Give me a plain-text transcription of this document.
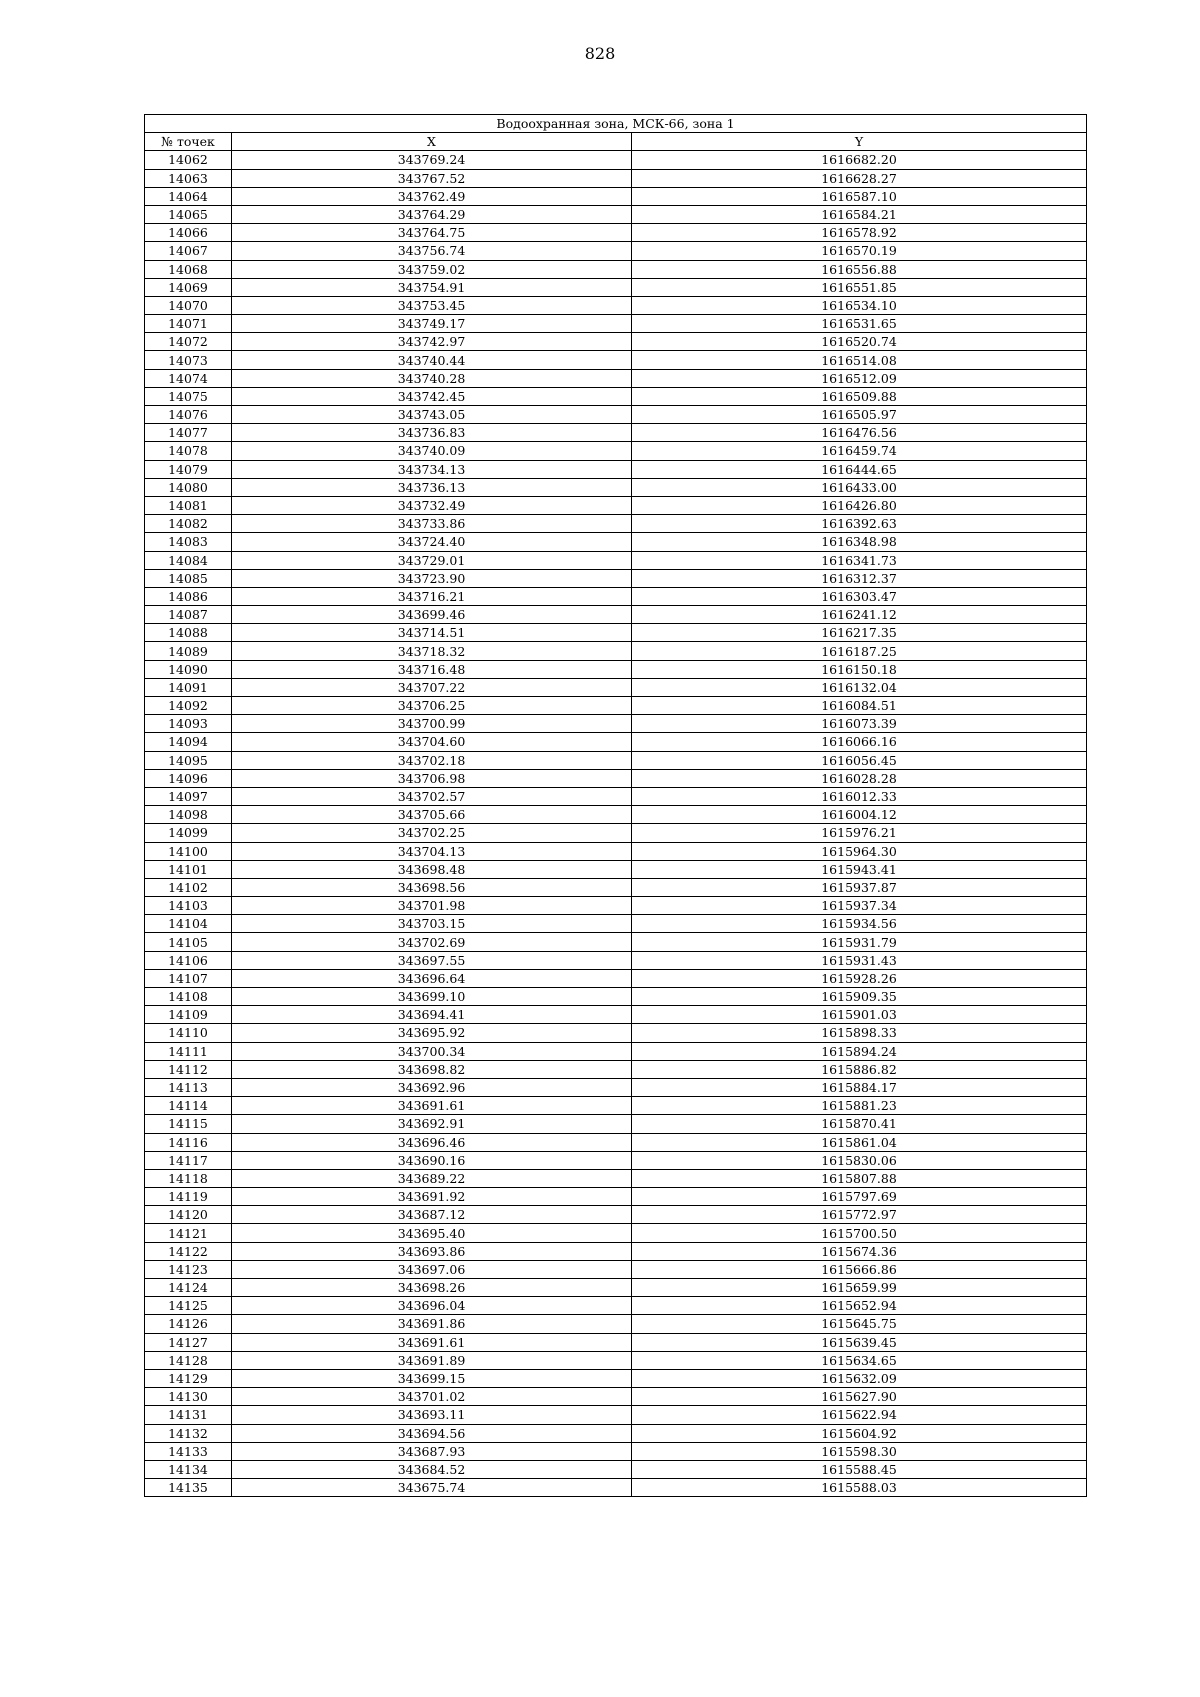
828
Водоохранная зона, МСК-66, зона 1		
№ точек	X	Y
14062	343769.24	1616682.20
14063	343767.52	1616628.27
14064	343762.49	1616587.10
14065	343764.29	1616584.21
14066	343764.75	1616578.92
14067	343756.74	1616570.19
14068	343759.02	1616556.88
14069	343754.91	1616551.85
14070	343753.45	1616534.10
14071	343749.17	1616531.65
14072	343742.97	1616520.74
14073	343740.44	1616514.08
14074	343740.28	1616512.09
14075	343742.45	1616509.88
14076	343743.05	1616505.97
14077	343736.83	1616476.56
14078	343740.09	1616459.74
14079	343734.13	1616444.65
14080	343736.13	1616433.00
14081	343732.49	1616426.80
14082	343733.86	1616392.63
14083	343724.40	1616348.98
14084	343729.01	1616341.73
14085	343723.90	1616312.37
14086	343716.21	1616303.47
14087	343699.46	1616241.12
14088	343714.51	1616217.35
14089	343718.32	1616187.25
14090	343716.48	1616150.18
14091	343707.22	1616132.04
14092	343706.25	1616084.51
14093	343700.99	1616073.39
14094	343704.60	1616066.16
14095	343702.18	1616056.45
14096	343706.98	1616028.28
14097	343702.57	1616012.33
14098	343705.66	1616004.12
14099	343702.25	1615976.21
14100	343704.13	1615964.30
14101	343698.48	1615943.41
14102	343698.56	1615937.87
14103	343701.98	1615937.34
14104	343703.15	1615934.56
14105	343702.69	1615931.79
14106	343697.55	1615931.43
14107	343696.64	1615928.26
14108	343699.10	1615909.35
14109	343694.41	1615901.03
14110	343695.92	1615898.33
14111	343700.34	1615894.24
14112	343698.82	1615886.82
14113	343692.96	1615884.17
14114	343691.61	1615881.23
14115	343692.91	1615870.41
14116	343696.46	1615861.04
14117	343690.16	1615830.06
14118	343689.22	1615807.88
14119	343691.92	1615797.69
14120	343687.12	1615772.97
14121	343695.40	1615700.50
14122	343693.86	1615674.36
14123	343697.06	1615666.86
14124	343698.26	1615659.99
14125	343696.04	1615652.94
14126	343691.86	1615645.75
14127	343691.61	1615639.45
14128	343691.89	1615634.65
14129	343699.15	1615632.09
14130	343701.02	1615627.90
14131	343693.11	1615622.94
14132	343694.56	1615604.92
14133	343687.93	1615598.30
14134	343684.52	1615588.45
14135	343675.74	1615588.03
